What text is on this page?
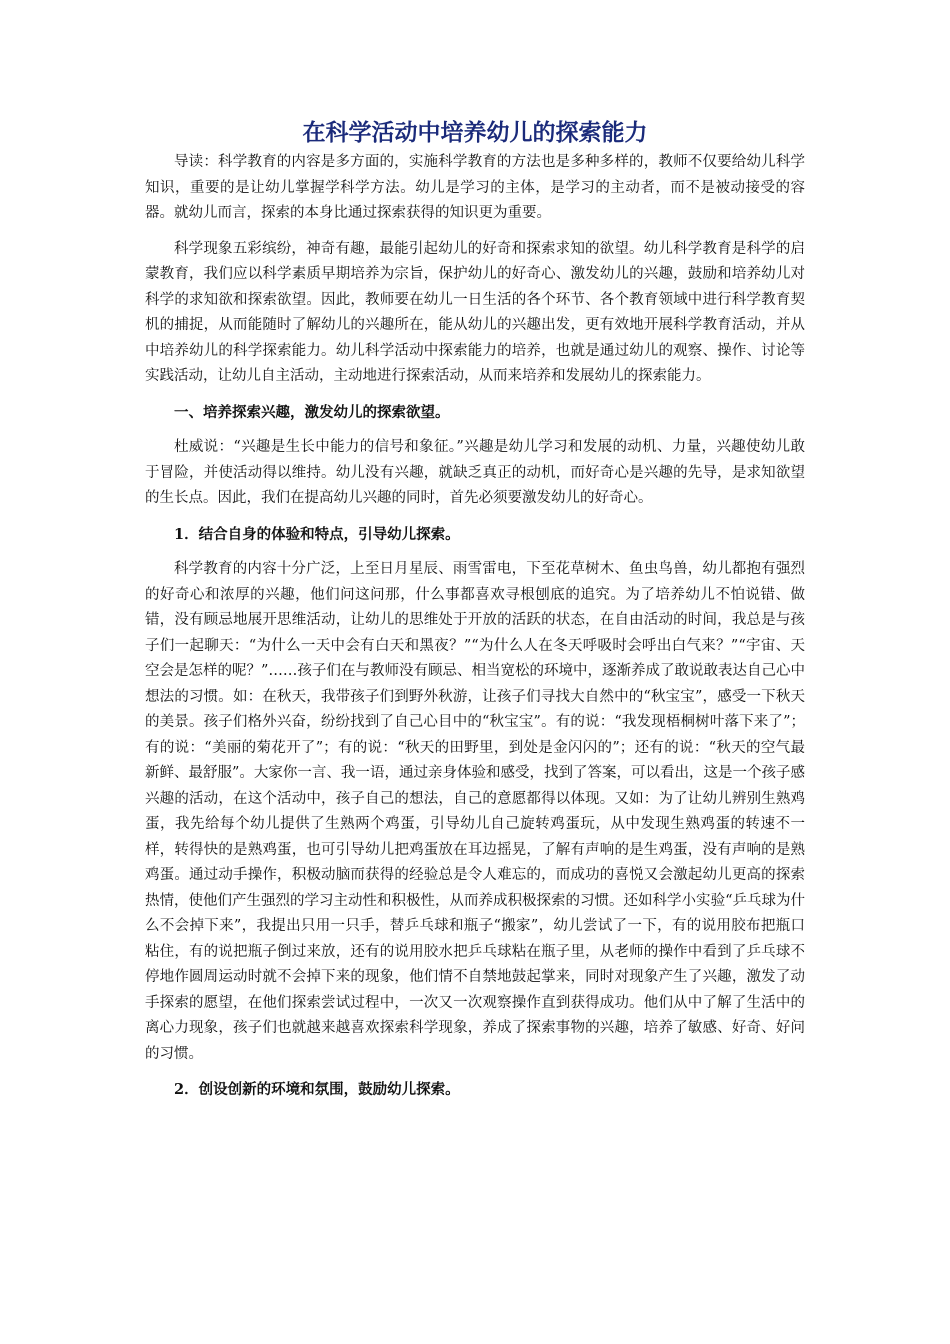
在科学活动中培养幼儿的探索能力

导读：科学教育的内容是多方面的，实施科学教育的方法也是多种多样的，教师不仅要给幼儿科学知识，重要的是让幼儿掌握学科学方法。幼儿是学习的主体，是学习的主动者，而不是被动接受的容器。就幼儿而言，探索的本身比通过探索获得的知识更为重要。

科学现象五彩缤纷，神奇有趣，最能引起幼儿的好奇和探索求知的欲望。幼儿科学教育是科学的启蒙教育，我们应以科学素质早期培养为宗旨，保护幼儿的好奇心、激发幼儿的兴趣，鼓励和培养幼儿对科学的求知欲和探索欲望。因此，教师要在幼儿一日生活的各个环节、各个教育领域中进行科学教育契机的捕捉，从而能随时了解幼儿的兴趣所在，能从幼儿的兴趣出发，更有效地开展科学教育活动，并从中培养幼儿的科学探索能力。幼儿科学活动中探索能力的培养，也就是通过幼儿的观察、操作、讨论等实践活动，让幼儿自主活动，主动地进行探索活动，从而来培养和发展幼儿的探索能力。

一、培养探索兴趣，激发幼儿的探索欲望。

杜威说：“兴趣是生长中能力的信号和象征。”兴趣是幼儿学习和发展的动机、力量，兴趣使幼儿敢于冒险，并使活动得以维持。幼儿没有兴趣，就缺乏真正的动机，而好奇心是兴趣的先导，是求知欲望的生长点。因此，我们在提高幼儿兴趣的同时，首先必须要激发幼儿的好奇心。

1．结合自身的体验和特点，引导幼儿探索。

科学教育的内容十分广泛，上至日月星辰、雨雪雷电，下至花草树木、鱼虫鸟兽，幼儿都抱有强烈的好奇心和浓厚的兴趣，他们问这问那，什么事都喜欢寻根刨底的追究。为了培养幼儿不怕说错、做错，没有顾忌地展开思维活动，让幼儿的思维处于开放的活跃的状态，在自由活动的时间，我总是与孩子们一起聊天：“为什么一天中会有白天和黑夜？”“为什么人在冬天呼吸时会呼出白气来？”“宇宙、天空会是怎样的呢？”……孩子们在与教师没有顾忌、相当宽松的环境中，逐渐养成了敢说敢表达自己心中想法的习惯。如：在秋天，我带孩子们到野外秋游，让孩子们寻找大自然中的“秋宝宝”，感受一下秋天的美景。孩子们格外兴奋，纷纷找到了自己心目中的“秋宝宝”。有的说：“我发现梧桐树叶落下来了”；有的说：“美丽的菊花开了”；有的说：“秋天的田野里，到处是金闪闪的”；还有的说：“秋天的空气最新鲜、最舒服”。大家你一言、我一语，通过亲身体验和感受，找到了答案，可以看出，这是一个孩子感兴趣的活动，在这个活动中，孩子自己的想法，自己的意愿都得以体现。又如：为了让幼儿辨别生熟鸡蛋，我先给每个幼儿提供了生熟两个鸡蛋，引导幼儿自己旋转鸡蛋玩，从中发现生熟鸡蛋的转速不一样，转得快的是熟鸡蛋，也可引导幼儿把鸡蛋放在耳边摇晃，了解有声响的是生鸡蛋，没有声响的是熟鸡蛋。通过动手操作，积极动脑而获得的经验总是令人难忘的，而成功的喜悦又会激起幼儿更高的探索热情，使他们产生强烈的学习主动性和积极性，从而养成积极探索的习惯。还如科学小实验“乒乓球为什么不会掉下来”，我提出只用一只手，替乒乓球和瓶子“搬家”，幼儿尝试了一下，有的说用胶布把瓶口粘住，有的说把瓶子倒过来放，还有的说用胶水把乒乓球粘在瓶子里，从老师的操作中看到了乒乓球不停地作圆周运动时就不会掉下来的现象，他们情不自禁地鼓起掌来，同时对现象产生了兴趣，激发了动手探索的愿望，在他们探索尝试过程中，一次又一次观察操作直到获得成功。他们从中了解了生活中的离心力现象，孩子们也就越来越喜欢探索科学现象，养成了探索事物的兴趣，培养了敏感、好奇、好问的习惯。

2．创设创新的环境和氛围，鼓励幼儿探索。
